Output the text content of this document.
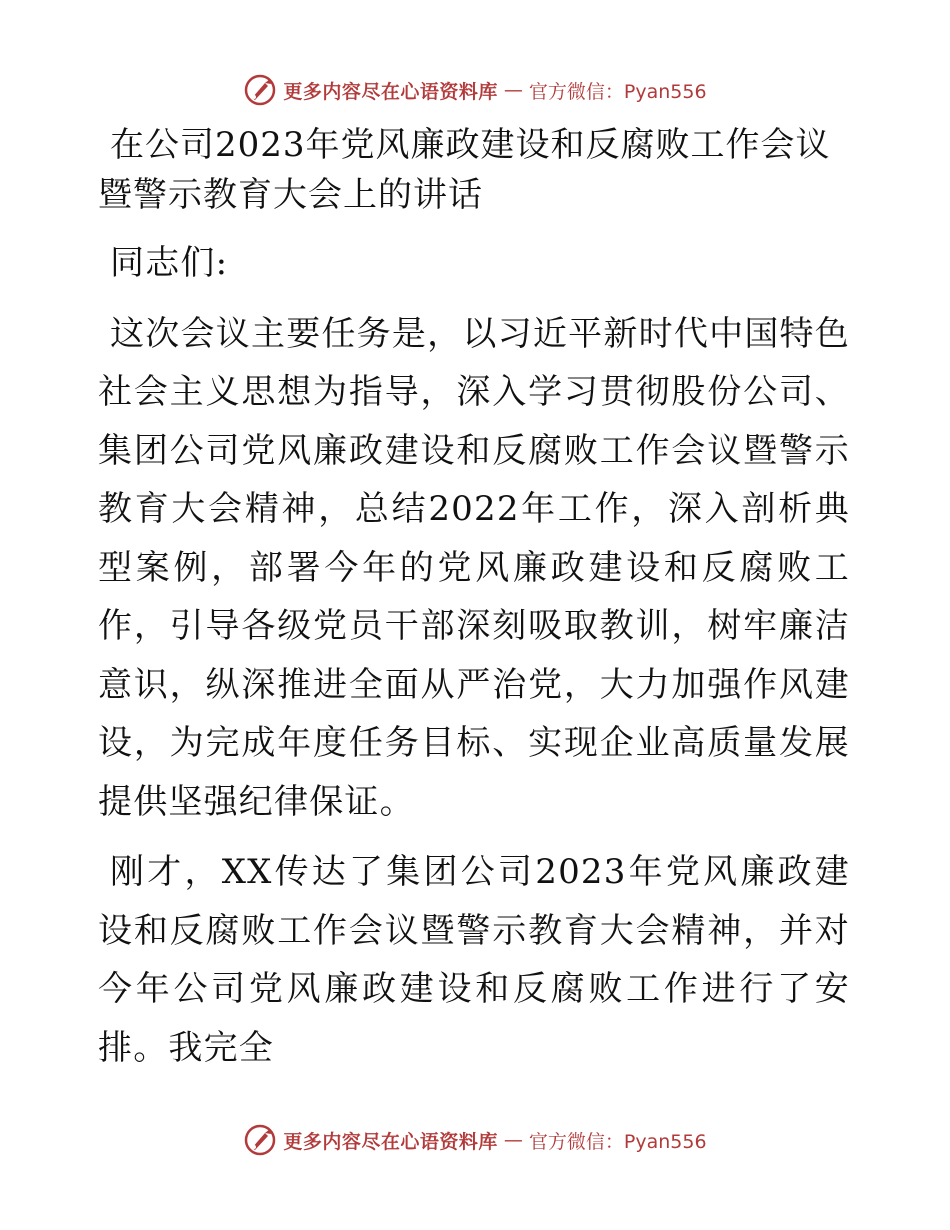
更多内容尽在心语资料库 — 官方微信：Pyan556
在公司2023年党风廉政建设和反腐败工作会议暨警示教育大会上的讲话

同志们:

这次会议主要任务是，以习近平新时代中国特色社会主义思想为指导，深入学习贯彻股份公司、集团公司党风廉政建设和反腐败工作会议暨警示教育大会精神，总结2022年工作，深入剖析典型案例，部署今年的党风廉政建设和反腐败工作，引导各级党员干部深刻吸取教训，树牢廉洁意识，纵深推进全面从严治党，大力加强作风建设，为完成年度任务目标、实现企业高质量发展提供坚强纪律保证。

刚才，XX传达了集团公司2023年党风廉政建设和反腐败工作会议暨警示教育大会精神，并对今年公司党风廉政建设和反腐败工作进行了安排。我完全

更多内容尽在心语资料库 — 官方微信：Pyan556
